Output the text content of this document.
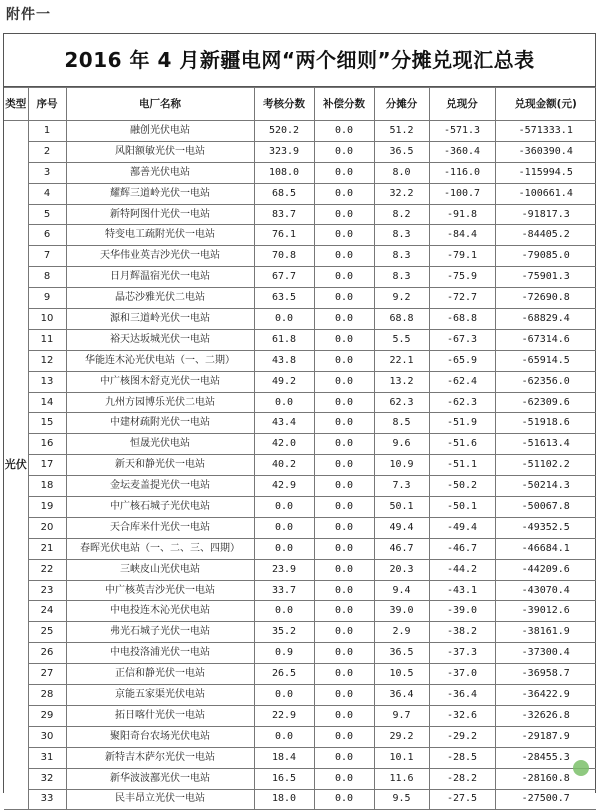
附件一
2016 年 4 月新疆电网“两个细则”分摊兑现汇总表
类型	序号	电厂名称	考核分数	补偿分数	分摊分	兑现分	兑现金额(元)
光伏	1	融创光伏电站	520.2	0.0	51.2	-571.3	-571333.1
	2	风阳额敏光伏一电站	323.9	0.0	36.5	-360.4	-360390.4
	3	鄯善光伏电站	108.0	0.0	8.0	-116.0	-115994.5
	4	耀辉三道岭光伏一电站	68.5	0.0	32.2	-100.7	-100661.4
	5	新特阿图什光伏一电站	83.7	0.0	8.2	-91.8	-91817.3
	6	特变电工疏附光伏一电站	76.1	0.0	8.3	-84.4	-84405.2
	7	天华伟业英吉沙光伏一电站	70.8	0.0	8.3	-79.1	-79085.0
	8	日月辉温宿光伏一电站	67.7	0.0	8.3	-75.9	-75901.3
	9	晶芯沙雅光伏二电站	63.5	0.0	9.2	-72.7	-72690.8
	10	源和三道岭光伏一电站	0.0	0.0	68.8	-68.8	-68829.4
	11	裕天达坂城光伏一电站	61.8	0.0	5.5	-67.3	-67314.6
	12	华能连木沁光伏电站（一、二期）	43.8	0.0	22.1	-65.9	-65914.5
	13	中广核图木舒克光伏一电站	49.2	0.0	13.2	-62.4	-62356.0
	14	九州方园博乐光伏二电站	0.0	0.0	62.3	-62.3	-62309.6
	15	中建材疏附光伏一电站	43.4	0.0	8.5	-51.9	-51918.6
	16	恒晟光伏电站	42.0	0.0	9.6	-51.6	-51613.4
	17	新天和静光伏一电站	40.2	0.0	10.9	-51.1	-51102.2
	18	金坛麦盖提光伏一电站	42.9	0.0	7.3	-50.2	-50214.3
	19	中广核石城子光伏电站	0.0	0.0	50.1	-50.1	-50067.8
	20	天合库米什光伏一电站	0.0	0.0	49.4	-49.4	-49352.5
	21	春晖光伏电站（一、二、三、四期）	0.0	0.0	46.7	-46.7	-46684.1
	22	三峡皮山光伏电站	23.9	0.0	20.3	-44.2	-44209.6
	23	中广核英吉沙光伏一电站	33.7	0.0	9.4	-43.1	-43070.4
	24	中电投连木沁光伏电站	0.0	0.0	39.0	-39.0	-39012.6
	25	弗光石城子光伏一电站	35.2	0.0	2.9	-38.2	-38161.9
	26	中电投洛浦光伏一电站	0.9	0.0	36.5	-37.3	-37300.4
	27	正信和静光伏一电站	26.5	0.0	10.5	-37.0	-36958.7
	28	京能五家渠光伏电站	0.0	0.0	36.4	-36.4	-36422.9
	29	拓日喀什光伏一电站	22.9	0.0	9.7	-32.6	-32626.8
	30	聚阳奇台农场光伏电站	0.0	0.0	29.2	-29.2	-29187.9
	31	新特吉木萨尔光伏一电站	18.4	0.0	10.1	-28.5	-28455.3
	32	新华波波鄯光伏一电站	16.5	0.0	11.6	-28.2	-28160.8
	33	民丰昂立光伏一电站	18.0	0.0	9.5	-27.5	-27500.7
